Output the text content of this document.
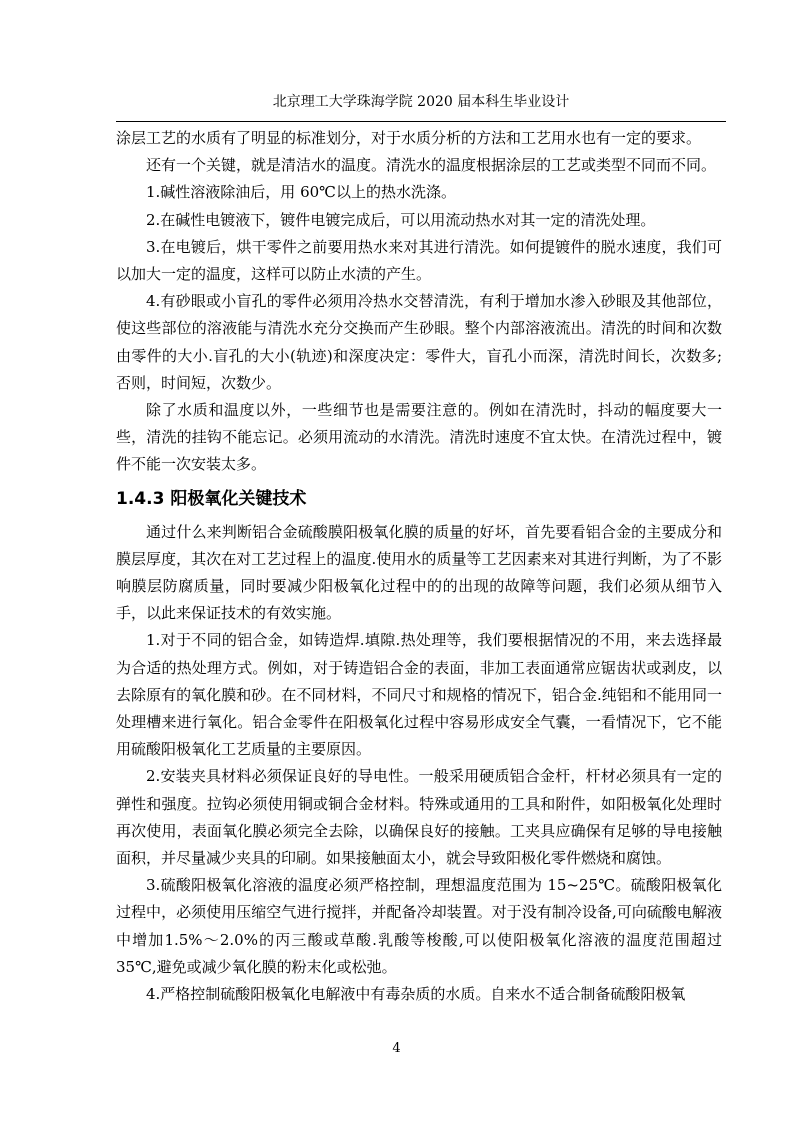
北京理工大学珠海学院 2020 届本科生毕业设计

涂层工艺的水质有了明显的标准划分，对于水质分析的方法和工艺用水也有一定的要求。

还有一个关键，就是清洁水的温度。清洗水的温度根据涂层的工艺或类型不同而不同。

1.碱性溶液除油后，用 60℃以上的热水洗涤。

2.在碱性电镀液下，镀件电镀完成后，可以用流动热水对其一定的清洗处理。

3.在电镀后，烘干零件之前要用热水来对其进行清洗。如何提镀件的脱水速度，我们可以加大一定的温度，这样可以防止水渍的产生。

4.有砂眼或小盲孔的零件必须用冷热水交替清洗，有利于增加水渗入砂眼及其他部位，使这些部位的溶液能与清洗水充分交换而产生砂眼。整个内部溶液流出。清洗的时间和次数由零件的大小.盲孔的大小(轨迹)和深度决定：零件大，盲孔小而深，清洗时间长，次数多;否则，时间短，次数少。

除了水质和温度以外，一些细节也是需要注意的。例如在清洗时，抖动的幅度要大一些，清洗的挂钩不能忘记。必须用流动的水清洗。清洗时速度不宜太快。在清洗过程中，镀件不能一次安装太多。

1.4.3 阳极氧化关键技术

通过什么来判断铝合金硫酸膜阳极氧化膜的质量的好坏，首先要看铝合金的主要成分和膜层厚度，其次在对工艺过程上的温度.使用水的质量等工艺因素来对其进行判断，为了不影响膜层防腐质量，同时要减少阳极氧化过程中的的出现的故障等问题，我们必须从细节入手，以此来保证技术的有效实施。

1.对于不同的铝合金，如铸造焊.填隙.热处理等，我们要根据情况的不用，来去选择最为合适的热处理方式。例如，对于铸造铝合金的表面，非加工表面通常应锯齿状或剥皮，以去除原有的氧化膜和砂。在不同材料，不同尺寸和规格的情况下，铝合金.纯铝和不能用同一处理槽来进行氧化。铝合金零件在阳极氧化过程中容易形成安全气囊，一看情况下，它不能用硫酸阳极氧化工艺质量的主要原因。

2.安装夹具材料必须保证良好的导电性。一般采用硬质铝合金杆，杆材必须具有一定的弹性和强度。拉钩必须使用铜或铜合金材料。特殊或通用的工具和附件，如阳极氧化处理时再次使用，表面氧化膜必须完全去除，以确保良好的接触。工夹具应确保有足够的导电接触面积，并尽量减少夹具的印刷。如果接触面太小，就会导致阳极化零件燃烧和腐蚀。

3.硫酸阳极氧化溶液的温度必须严格控制，理想温度范围为 15~25℃。硫酸阳极氧化过程中，必须使用压缩空气进行搅拌，并配备冷却装置。对于没有制冷设备,可向硫酸电解液中增加1.5%～2.0%的丙三酸或草酸.乳酸等梭酸,可以使阳极氧化溶液的温度范围超过 35℃,避免或减少氧化膜的粉末化或松弛。

4.严格控制硫酸阳极氧化电解液中有毒杂质的水质。自来水不适合制备硫酸阳极氧

4
